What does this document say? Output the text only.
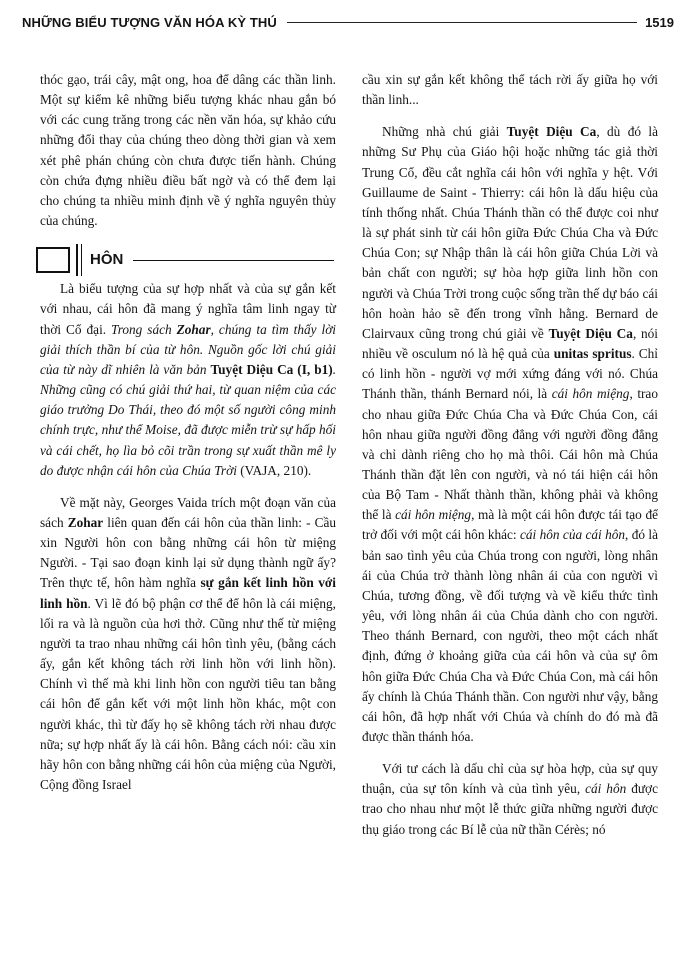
NHỮNG BIỂU TƯỢNG VĂN HÓA KỲ THÚ	1519

thóc gạo, trái cây, mật ong, hoa để dâng các thần linh. Một sự kiểm kê những biểu tượng khác nhau gắn bó với các cung trăng trong các nền văn hóa, sự khảo cứu những đổi thay của chúng theo dòng thời gian và xem xét phê phán chúng còn chưa được tiến hành. Chúng còn chứa đựng nhiều điều bất ngờ và có thể đem lại cho chúng ta nhiều minh định về ý nghĩa nguyên thủy của chúng.

HÔN

Là biểu tượng của sự hợp nhất và của sự gắn kết với nhau, cái hôn đã mang ý nghĩa tâm linh ngay từ thời Cổ đại. Trong sách Zohar, chúng ta tìm thấy lời giải thích thần bí của từ hôn. Nguồn gốc lời chú giải của từ này dĩ nhiên là văn bản Tuyệt Diệu Ca (I, b1). Những cũng có chú giải thứ hai, từ quan niệm của các giáo trưởng Do Thái, theo đó một số người công minh chính trực, như thể Moise, đã được miễn trừ sự hấp hối và cái chết, họ lìa bỏ cõi trần trong sự xuất thần mê ly do được nhận cái hôn của Chúa Trời (VAJA, 210).

Về mặt này, Georges Vaida trích một đoạn văn của sách Zohar liên quan đến cái hôn của thần linh: - Cầu xin Người hôn con bằng những cái hôn từ miệng Người. - Tại sao đoạn kinh lại sử dụng thành ngữ ấy? Trên thực tế, hôn hàm nghĩa sự gắn kết linh hồn với linh hồn. Vì lẽ đó bộ phận cơ thể để hôn là cái miệng, lối ra và là nguồn của hơi thở. Cũng như thế từ miệng người ta trao nhau những cái hôn tình yêu, (bằng cách ấy, gắn kết không tách rời linh hồn với linh hồn). Chính vì thế mà khi linh hồn con người tiêu tan bằng cái hôn để gắn kết với một linh hồn khác, một con người khác, thì từ đấy họ sẽ không tách rời nhau được nữa; sự hợp nhất ấy là cái hôn. Bằng cách nói: cầu xin hãy hôn con bằng những cái hôn của miệng của Người, Cộng đồng Israel

cầu xin sự gắn kết không thể tách rời ấy giữa họ với thần linh...

Những nhà chú giải Tuyệt Diệu Ca, dù đó là những Sư Phụ của Giáo hội hoặc những tác giả thời Trung Cổ, đều cắt nghĩa cái hôn với nghĩa y hệt. Với Guillaume de Saint - Thierry: cái hôn là dấu hiệu của tính thống nhất. Chúa Thánh thần có thể được coi như là sự phát sinh từ cái hôn giữa Đức Chúa Cha và Đức Chúa Con; sự Nhập thân là cái hôn giữa Chúa Lời và bản chất con người; sự hòa hợp giữa linh hồn con người và Chúa Trời trong cuộc sống trần thế dự báo cái hôn hoàn hảo sẽ đến trong vĩnh hằng. Bernard de Clairvaux cũng trong chú giải về Tuyệt Diệu Ca, nói nhiều về osculum nó là hệ quả của unitas spritus. Chỉ có linh hồn - người vợ mới xứng đáng với nó. Chúa Thánh thần, thánh Bernard nói, là cái hôn miệng, trao cho nhau giữa Đức Chúa Cha và Đức Chúa Con, cái hôn nhau giữa người đồng đẳng với người đồng đẳng và chỉ dành riêng cho họ mà thôi. Cái hôn mà Chúa Thánh thần đặt lên con người, và nó tái hiện cái hôn của Bộ Tam - Nhất thành thần, không phải và không thể là cái hôn miệng, mà là một cái hôn được tái tạo để trở đối với một cái hôn khác: cái hôn của cái hôn, đó là bản sao tình yêu của Chúa trong con người, lòng nhân ái của Chúa trở thành lòng nhân ái của con người vì Chúa, tương đồng, về đối tượng và về kiểu thức tình yêu, với lòng nhân ái của Chúa dành cho con người. Theo thánh Bernard, con người, theo một cách nhất định, đứng ở khoảng giữa của cái hôn và của sự ôm hôn giữa Đức Chúa Cha và Đức Chúa Con, mà cái hôn ấy chính là Chúa Thánh thần. Con người như vậy, bằng cái hôn, đã hợp nhất với Chúa và chính do đó mà đã được thần thánh hóa.

Với tư cách là dấu chỉ của sự hòa hợp, của sự quy thuận, của sự tôn kính và của tình yêu, cái hôn được trao cho nhau như một lễ thức giữa những người được thụ giáo trong các Bí lễ của nữ thần Cérès; nó
